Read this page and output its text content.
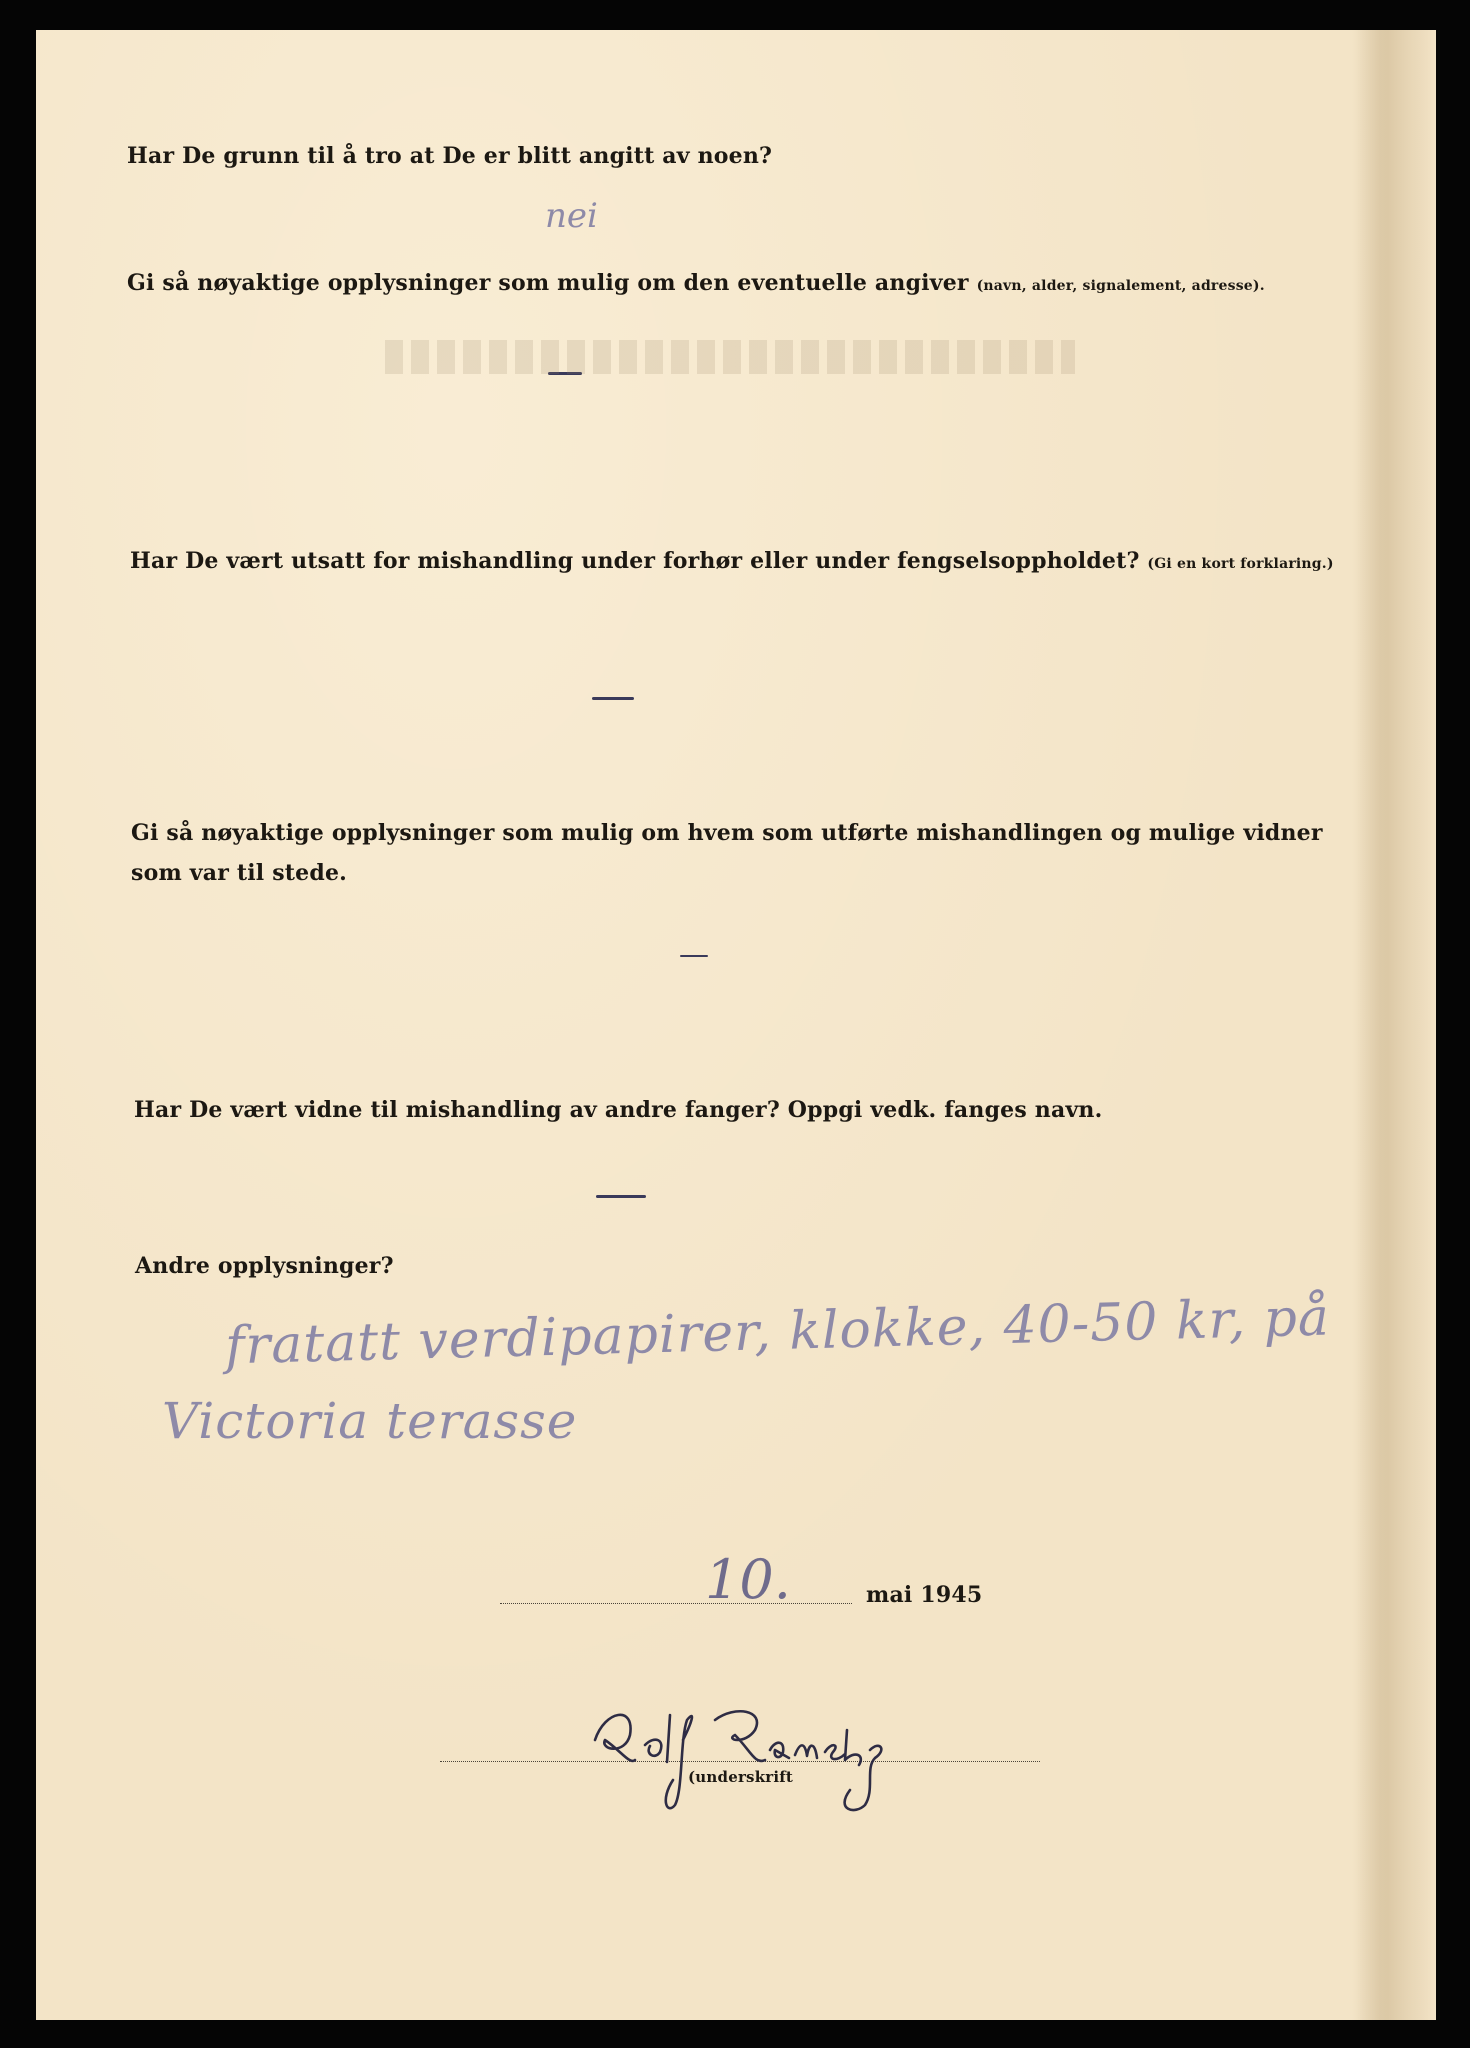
Har De grunn til å tro at De er blitt angitt av noen?
nei
Gi så nøyaktige opplysninger som mulig om den eventuelle angiver (navn, alder, signalement, adresse).
Har De vært utsatt for mishandling under forhør eller under fengselsoppholdet? (Gi en kort forklaring.)
Gi så nøyaktige opplysninger som mulig om hvem som utførte mishandlingen og mulige vidner
som var til stede.
Har De vært vidne til mishandling av andre fanger? Oppgi vedk. fanges navn.
Andre opplysninger?
fratatt verdipapirer, klokke, 40-50 kr, på
Victoria terasse
10.	mai 1945
(underskrift
